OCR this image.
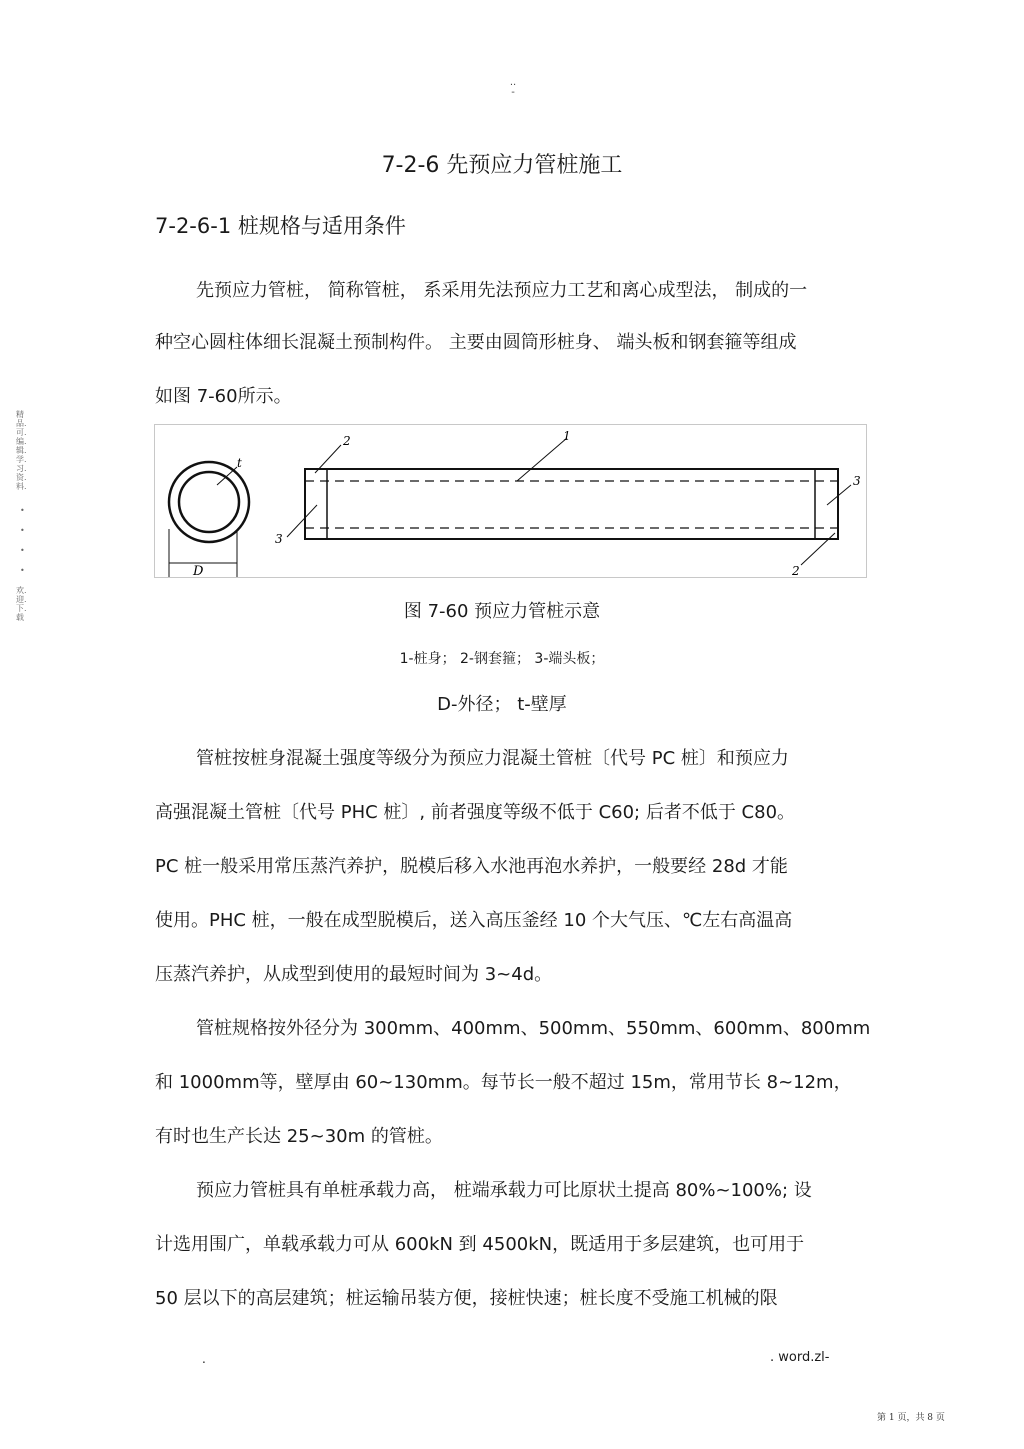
..
-
7-2-6 先预应力管桩施工
7-2-6-1 桩规格与适用条件
先预应力管桩， 简称管桩， 系采用先法预应力工艺和离心成型法， 制成的一
种空心圆柱体细长混凝土预制构件。 主要由圆筒形桩身、 端头板和钢套箍等组成
如图 7-60所示。
精品.可.编.辑.学.习.资.料.
•
•
•
•
欢.迎.下.载
t
D
1
2
3
3
2
图 7-60 预应力管桩示意
1-桩身； 2-钢套箍； 3-端头板；
D-外径； t-壁厚
管桩按桩身混凝土强度等级分为预应力混凝土管桩〔代号 PC 桩〕和预应力
高强混凝土管桩〔代号 PHC 桩〕, 前者强度等级不低于 C60; 后者不低于 C80。
PC 桩一般采用常压蒸汽养护，脱模后移入水池再泡水养护，一般要经 28d 才能
使用。PHC 桩，一般在成型脱模后，送入高压釜经 10 个大气压、℃左右高温高
压蒸汽养护，从成型到使用的最短时间为 3~4d。
管桩规格按外径分为 300mm、400mm、500mm、550mm、600mm、800mm
和 1000mm等，壁厚由 60~130mm。每节长一般不超过 15m，常用节长 8~12m，
有时也生产长达 25~30m 的管桩。
预应力管桩具有单桩承载力高， 桩端承载力可比原状土提高 80%~100%; 设
计选用围广，单载承载力可从 600kN 到 4500kN，既适用于多层建筑，也可用于
50 层以下的高层建筑；桩运输吊装方便，接桩快速；桩长度不受施工机械的限
.	. word.zl-
第 1 页，共 8 页
